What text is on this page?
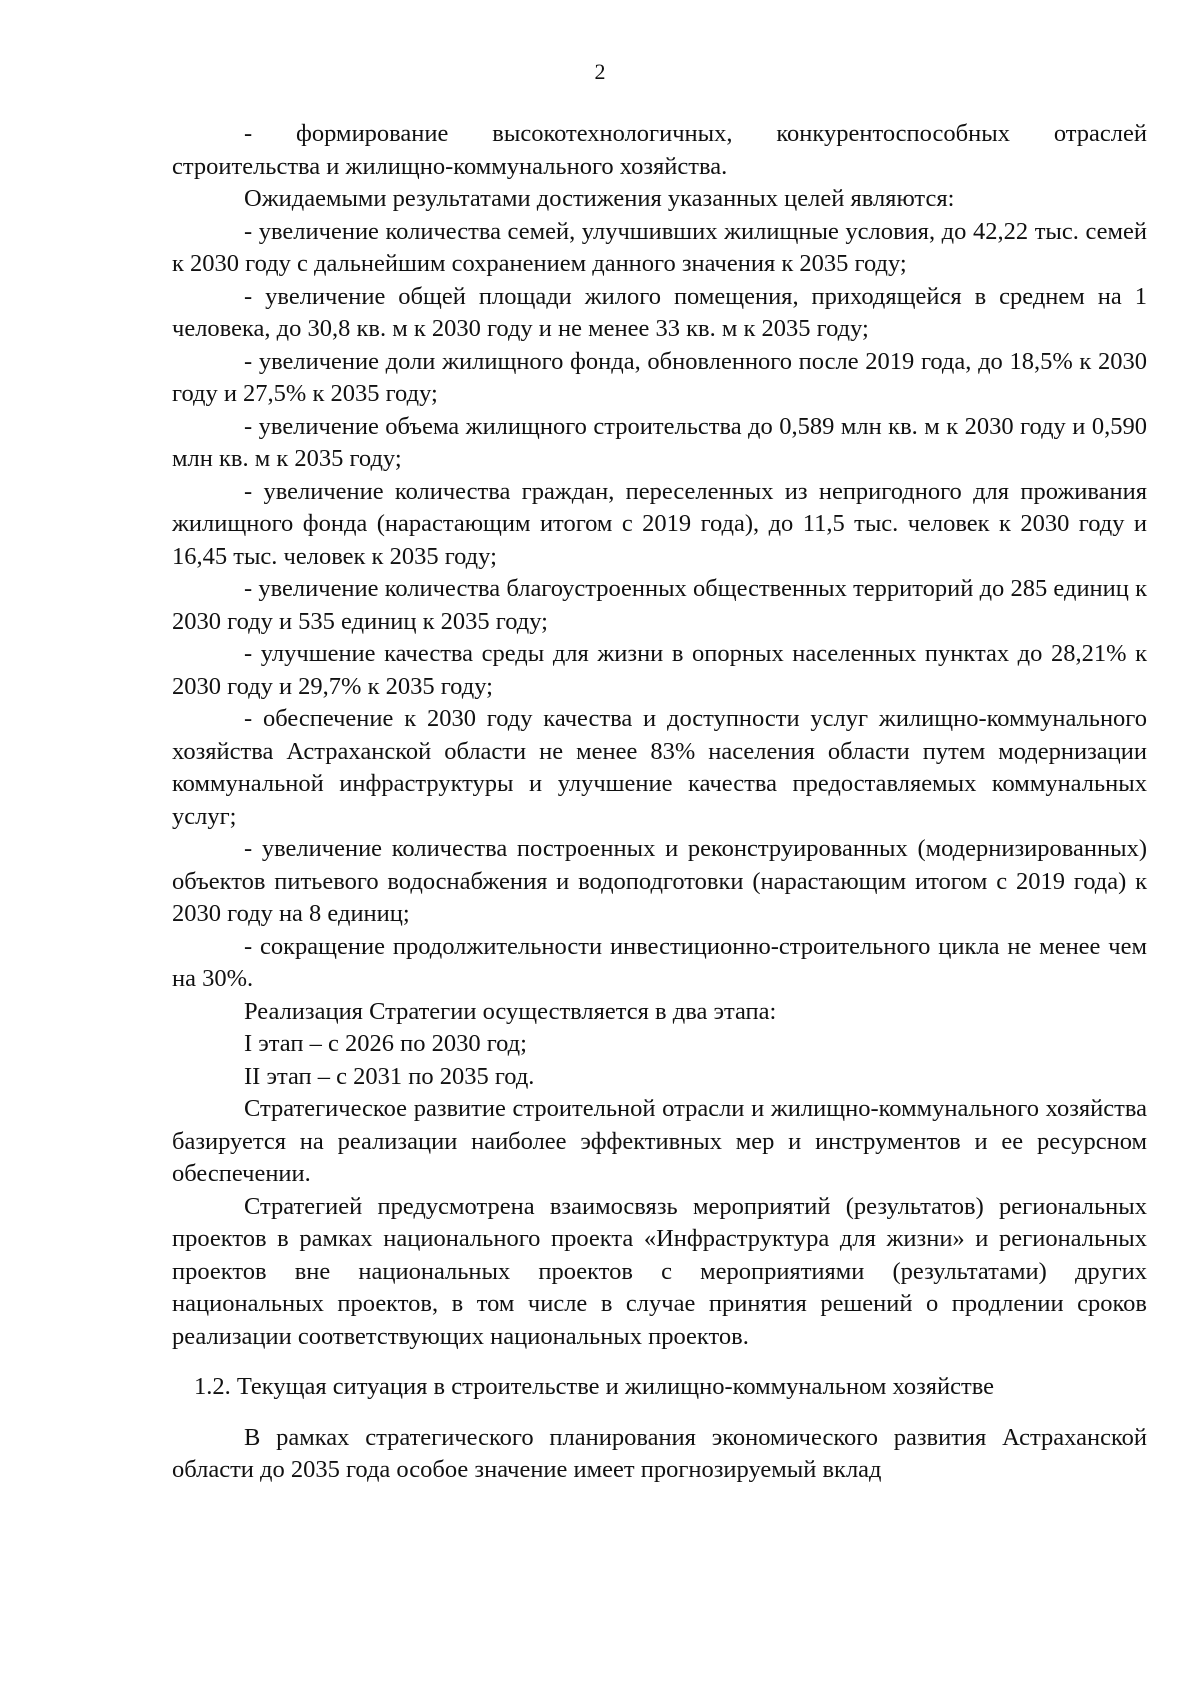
2

- формирование высокотехнологичных, конкурентоспособных отраслей строительства и жилищно-коммунального хозяйства.

Ожидаемыми результатами достижения указанных целей являются:

- увеличение количества семей, улучшивших жилищные условия, до 42,22 тыс. семей к 2030 году с дальнейшим сохранением данного значения к 2035 году;

- увеличение общей площади жилого помещения, приходящейся в среднем на 1 человека, до 30,8 кв. м к 2030 году и не менее 33 кв. м к 2035 году;

- увеличение доли жилищного фонда, обновленного после 2019 года, до 18,5% к 2030 году и 27,5% к 2035 году;

- увеличение объема жилищного строительства до 0,589 млн кв. м к 2030 году и 0,590 млн кв. м к 2035 году;

- увеличение количества граждан, переселенных из непригодного для проживания жилищного фонда (нарастающим итогом с 2019 года), до 11,5 тыс. человек к 2030 году и 16,45 тыс. человек к 2035 году;

- увеличение количества благоустроенных общественных территорий до 285 единиц к 2030 году и 535 единиц к 2035 году;

- улучшение качества среды для жизни в опорных населенных пунктах до 28,21% к 2030 году и 29,7% к 2035 году;

- обеспечение к 2030 году качества и доступности услуг жилищно-коммунального хозяйства Астраханской области не менее 83% населения области путем модернизации коммунальной инфраструктуры и улучшение качества предоставляемых коммунальных услуг;

- увеличение количества построенных и реконструированных (модернизированных) объектов питьевого водоснабжения и водоподготовки (нарастающим итогом с 2019 года) к 2030 году на 8 единиц;

- сокращение продолжительности инвестиционно-строительного цикла не менее чем на 30%.

Реализация Стратегии осуществляется в два этапа:

I этап – с 2026 по 2030 год;

II этап – с 2031 по 2035 год.

Стратегическое развитие строительной отрасли и жилищно-коммунального хозяйства базируется на реализации наиболее эффективных мер и инструментов и ее ресурсном обеспечении.

Стратегией предусмотрена взаимосвязь мероприятий (результатов) региональных проектов в рамках национального проекта «Инфраструктура для жизни» и региональных проектов вне национальных проектов с мероприятиями (результатами) других национальных проектов, в том числе в случае принятия решений о продлении сроков реализации соответствующих национальных проектов.

1.2. Текущая ситуация в строительстве и жилищно-коммунальном хозяйстве

В рамках стратегического планирования экономического развития Астраханской области до 2035 года особое значение имеет прогнозируемый вклад
